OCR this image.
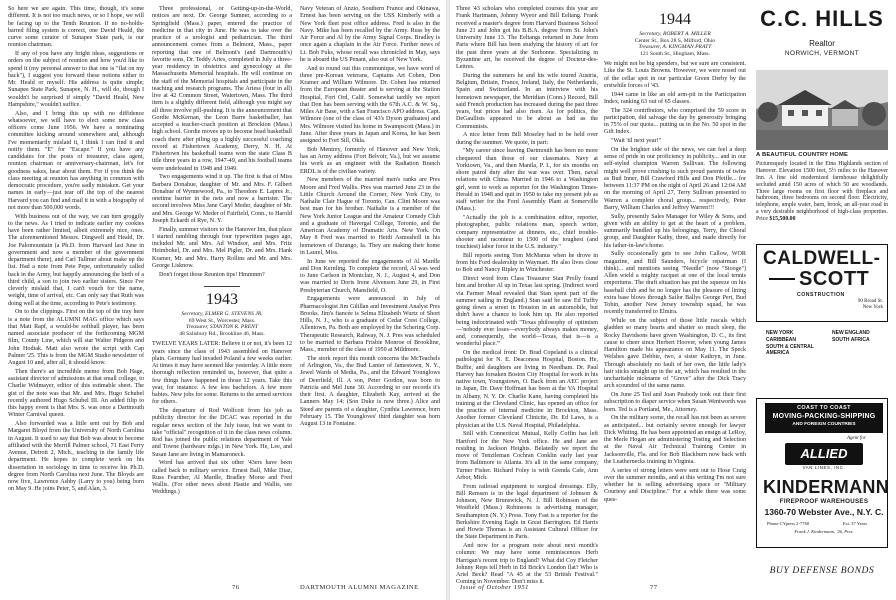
So here we are again. This time, though, it's some different. It is not too much news, or so I hope, we will be facing up to the Tenth Reunion. If no no-holds-barred filing system is correct, one David Heald, the curve some curator of Sunapee State park, is our reunion chairman.

If any of you have any bright ideas, suggestions or orders on the subject of reunion and how you'd like to spend it (my personal answer to that one is "flat on my back"), I suggest you forward these notions either to Mr. Heald or myself. His address is quite simple; Sunapee State Park, Sunapee, N. H., will do, though I wouldn't be surprised if simply "David Heald, New Hampshire," wouldn't suffice.

Also, and I bring this up with no diffidence whatsoever, we will have to elect some new class officers come June 1956. We have a nominating committee kicking around somewhere and, although I've momentarily mislaid it, I think I can find it and notify them. "E" for "Escape." If you have any candidates for the posts of treasurer, class agent, reunion chairman or anniversary-chairman, let's for goodness sakes, hear about them. For if you think the class meeting at reunion has anything in common with democratic procedure, you're sadly mistaken. Get your names in early—just tear off the top of the nearest Harvard you can find and mail it in with a biography of not more than 500,000 words.

With business out of the way, we can turn groggily to the news. As I tried to indicate earlier my cookies have been rather limited, albeit extremely nice, ones. The aforementioned Messrs. Dingwell and Heald, Dr. Joe Palomountain (a Ph.D. from Harvard last June in government and now a member of the government department there), and Carl Tallmer about make up the list. Had a note from Pete Pepe, unfortunately called back in the Army, but happily announcing the birth of a third child, a son to join two earlier sisters. Since I've cleverly mislaid that, I can't vouch for the name, weight, time of arrival, etc. Can only say that Ruth was doing well at the time, according to Pete's testimony.

On to the clippings. First on the top of the tray here is a note from the ALUMNI MAG office which says that Matt Rapf, a would-be softball player, has been named associate producer of the forthcoming MGM film, County Line, which will star Walter Pidgeon and John Hodiak. Matt also wrote the script with Cap Palmer '25. This is from the MGM Studio newsletter of August 10 and, after all, it should know.

Then there's an incredible memo from Bob Hage, assistant director of admissions at that small college, to Charlie Widmayer, editor of this estimable sheet. The gist of the note was that Mr. and Mrs. Hugo Schubel recently authored Hugo Schubel III. An added filip to this happy event is that Mrs. S. was once a Dartmouth Winter Carnival queen.

Also forwarded was a little sent out by Bob and Margaret Bloyd from the University of North Carolina in August. It used to say that Bob was about to become affiliated with the Merrill Palmer school, 71 East Ferry Avenue, Detroit 2, Mich., teaching in the family life department. He hopes to complete work on his dissertation in sociology in time to receive his Ph.D. degree from North Carolina next June. The Bloyds are now five, Lawrence Ashby (Larry to you) being born on May 9. He joins Peter, 5, and Alan, 3.

Three professional, or Getting-up-in-the-World, notices are next. Dr. George Sumner, according to a Springfield (Mass.) paper, entered the practice of medicine in that city in June. He was to take over the practice of a urologist and pediatrician. The third announcement comes from a Belmont, Mass., paper reporting that one of Belmont's (and Dartmouth's) favorite sons, Dr. Teddy Aries, completed in July a three-year residency in obstetrics and gynecology at the Massachusetts Memorial hospitals. He will continue on the staff of the Memorial hospitals and participate in the teaching and research programs. The Ariess (four in all) live at 42 Common Street, Watertown, Mass. The third item is a slightly different field, although you might say all three involve pill-pushing. It is the announcement that Gordie McKernan, the Leon Barre basketballer, has accepted a teacher-coach position at Brockton (Mass.) high school. Gordie moves up to become head basketball coach there after piling up a highly successful coaching record at Fishertown Academy, Derry, N. H. At Fishertown his basketball teams won the state Class B title three years in a row, 1947-49, and his football teams were undefeated in 1948 and 1949.

Two engagements wind it up. The first is that of Miss Barbara Donahue, daughter of Mr. and Mrs. F. Gilbert Donahue of Wynnewood, Pa., to Theodore E. Lapres Jr., onetime barrier in the nets and now a barrister. The second involves Miss Jane Caryl Meder, daughter of Mr. and Mrs. George W. Meder of Fairfield, Conn., to Harold Joseph Eckardt of Rye, N. Y.

Finally, summer visitors to the Hanover Inn, that place I started rambling through four typewritten pages ago, included Mr. and Mrs. Ad Windsor, and Mrs. Fritz Heimbokel, Dr. and Mrs. Mel Pigler, Dr. and Mrs. Hank Kramer, Mr. and Mrs. Harry Rollins and Mr. and Mrs. George Lisknow.

Don't forget those Reunion tips! Hmmmm?

1943
Secretary, ELMER G. STEVENS JR.
69 West St., Worcester, Mass.
Treasurer, STANTON R. PRENT
48 Salisbury Rd., Brookline 46, Mass.

TWELVE YEARS LATER: Believe it or not, it's been 12 years since the class of 1943 assembled on Hanover plain. Germany had invaded Poland a few weeks earlier. At times it may have seemed like yesterday. A little more thorough reflection reminded us, however, that quite a few things have happened in those 12 years. Take this year, for instance. A few less bachelors. A few more babies. New jobs for some. Returns to the armed services for others.

The departure of Rod Wolfcott from his job as publicity director for the DCAC was reported in the regular news section of the July issue, but we want to take "official" recognition of it in the class news column. Rod has joined the public relations department of Yale and Towne (hardware mfgs.) in New York. He, Lee, and Susan Jane are living in Mamaroneck.

Word has arrived that six other '43ers have been called back to military service. Ernest Ball, Mike Diaz, Russ Fearnher, Al Mardle, Bradley Morse and Fred Wallis. (For other news about Hastie and Wallis, see Weddings.)

Navy Veteran of Anzio, Southern France and Okinawa, Ernest has been serving on the USS Kimberly with a New York fleet post office address. Fred is also in the Navy. Mike has been recalled by the Army. Russ by the Air Force and Al by the Army Signal Corps. Bradley is once again a chaplain in the Air Force. Further news of Lt. Bob Fuks, whose recall was chronicled in May, says he is aboard the US Penant, also out of New York.

And to round out this communique, we have word of three pre-Korean veterans, Captains Art Cohen, Don Kramer and William Wilmore. Dr. Cohen has returned from the European theater and is serving at the Station Hospital, Fort Ord, Calif. Somewhat tardily we report that Don has been serving with the 67th A.C. & W. Sq., Miles Air Base, with a San Francisco APO address. Capt. Wilmore (one of the class of '43's Dyson graduates) and Mrs. Wilmore visited his home in Swampscott (Mass.) in June. After three years in Japan and Korea, he has been assigned to Fort Sill, Okla.

Bob Mentrey, formerly of Hanover and New York, has an Army address (Fort Belvoir, Va.), but we assume his work as an engineer with the Radiation Branch ERDL is of the civilian variety.

New members of the married men's ranks are Pres Moore and Fred Wallis. Pres was married June 23 in the Little Church Around the Corner, New York City, to Nathalie Clair Hague of Toronto, Can. Clint Moore was best man for his brother. Nathalie is a member of the New York Junior League and the Amateur Comedy Club and a graduate of Havergal College, Toronto, and the American Academy of Dramatic Arts. New York. On May 8 Fred was married to Heidi Asmusholl in his hometown of Durango, Ia. They are making their home in Laurel, Miss.

In June we reported the engagements of Al Mardle and Don Kernling. To complete the record, Al was wed to June Carlson in Montclair, N. J., August 4, and Don was married to Doris Irene Alvenson June 29, in First Presbyterian Church, Mansfield, O.

Engagements were announced in July of Pharmacologist Jim Gilillan and Investment Analyst Pres Brooks. Jim's fiancée is Selma Elizabeth Wurtz of Short Hills, N. J., who is a graduate of Cedar Crest College, Allentown, Pa. Both are employed by the Schering Corp. Therapeutic Research, Rahway, N. J. Pres was scheduled to be married to Barbara Frisbie Monroe of Brookline, Mass., member of the class of 1950 at Mildmore.

The stork report this month concerns the McTeachels of Arlington, Va., the Bud Lanier of Jamestown, N. Y., Jewel Wards of Media, Pa., and the Edward Younglows of Deerfield, Ill. A son, Peter Gordon, was born to Patricia and Mel June 30. According to our records it's their first. A daughter, Elizabeth Kay, arrived at the Lanners May 14; (Son Duke is now three.) Alice and Steed are parents of a daughter, Cynthia Lawrence, born February 15. The Youngloves' third daughter was born August 13 in Fontaine.

Three '43 scholars who completed courses this year are Frank Hartmann, Johnny Wyeor and Bill Eeltang. Frank received a master's degree from Harvard Business School June 21 and John got his B.B.A. degree from St. John's University June 13. The Eeltangs returned in June from Paris where Bill has been studying the history of art for the past three years at the Sorbonne. Specializing in Byzantine art, he received the degree of Docteur-des-Lettres.

During the summers he and his wife toured Austria, Belgium, Britain, France, Ireland, Italy, the Netherlands, Spain and Switzerland. In an interview with his hometown newspaper, the Meridian (Conn.) Record, Bill said French production has increased during the past three years, but prices had also risen. As for politics, the DeGaullists appeared to be about as bad as the Communists.

A nice letter from Bill Moseley had to be held over during the summer. We quote, in part:

"My career since leaving Dartmouth has been no more chequered than those of our classmates. Navy at Yorktown, Va., and then Manila, P. I., for six months on shore patrol duty after the war was over. Then, naval relations with China. Married in 1946 to a Washington girl, went to work as reporter for the Washington Times-Herald in 1948 and quit in 1950 to take my present job as staff writer for the Ford Assembly Plant at Somerville (Mass.).

"Actually the job is a combination editor, reporter, photographer, public relations man, speech writer, company representative at dinners, etc., chief trouble-shooter and raconteur to 1500 of the toughest (and touchiest) labor force in the U.S. industry."

Bill reports seeing Tom McManus when he drove in from his Ford dealership in Waymart. He also lives close to Bob and Nancy Ripley in Winchester.

Direct word from Class Treasurer Stan Prolly found him and brother Al up in Texas last spring. (Indirect word via Farmer Mead revealed that Stan spent part of the summer sailing in England.) Stan said he saw Ed Tuffty going down a street in Houston in an automobile, but didn't have a chance to look him up. He also reported being indoctrinated with "Texas philosophy of optimism—'nobody ever loses—everybody always makes money, and, consequently, the world—Texas, that is—is a wonderful place.'"

On the medical front: Dr. Brad Copeland is a clinical pathologist for N. E. Deaconess Hospital, Boston. He, Buffie, and daughters are living in Needham. Dr. Paul Harvey has forsaken Boston City Hospital for work in his native town, Youngstown, O. Back from an AEC project in Japan, Dr. Dave Hoffman has been at the VA Hospital in Albany, N. Y. Dr. Charlie Kane, having completed his training at the Cleveland Clinic, has opened an office for the practice of internal medicine in Brockton, Mass. Another former Cleveland Clinicite, Dr. Ed Laws, is a physician at the U.S. Naval Hospital, Philadelphia.

Still with Connecticut Mutual, Kelly Coffin has left Hartford for the New York office. He and Jane are residing in Jackson Heights. Belatedly we report the move of Tenzileman Cochran Conklin early last year from Baltimore to Atlanta. It's all in the same company, Turner Fisher. Richard Foley is with Grenda Cafe, Ann Arbor, Mich.

From railroad equipment to surgical dressings. Elly, Bill Remsen is in the legal department of Johnson & Johnson, New Brunswick, N. J. Bill Robinson of the Westfield (Mass.) Robinsons is advertising manager, Southampton (N. Y.) Press. Tony Fast is a reporter for the Berkshire Evening Eagle in Great Barrington. Ed Harris and Howie Thomas is an Assistant Cultural Officer for the State Department in Paris.

And now for a program note about next month's column: We may have some reminiscences Herb Harrigan's recent trip to England? What did Coy Fletcher Johnny Reps tell Herb in Ed Brick's London flat? Who is Ariel Beck? Read "A 45 at the 53 British Festival." Coming in November. Don't miss it.

1944
Secretary, ROBERT A. MILLER
Center St., Box 28 S, Milford, Ohio
Treasurer, A. KINGMAN PRATT
121 South St., Hingham, Mass.

We might not be big spenders, but we sure are consistent. Like the St. Louis Browns. However, we were nosed out of the cellar spot in our particular Green Derby by the erstwhile forces of '43.

1944 came in like an old arm-pit in the Participation Index, ranking 63 out of 65 classes.

The 324 contributors, who comprised the 59 score in participation, did salvage the day by generosity bringing in 75% of our quota... putting us in the No. 50 spot in the Gift Index.

"Wait 'til next year!"

On the brighter side of the news, we can feel a deep sense of pride in our proficiency in publicity... and in our self-styled champion Warren Sullivan. The following might well prove crushing to such proud parents of twins as Bud Inner, Bill Crawford Hills and Don Pfeifle... for between 11:37 PM on the night of April 26 and 12:04 AM on the morning of April 27, Terry Sullivan presented to Warren a complete choral group... respectively, Peter Barry, William Charles and Jeffrey Warren!!!

Sully, presently Sales Manager for Wiley & Sons, and given with an ability to get at the heart of a problem, summarily bundled up his belongings, Terry, the Choral group, and Daughter Kathy, three, and made directly for his father-in-law's home.

Sully occasionally gets to see John Callow, WOR magazine, and Bill Saunders, bicycle repairman (I think)... and mentions seeing "Needle" (now "Stooge") Allen wield a mighty racquet at one of the local tennis emporiums. The draft situation has put the squeeze on his baseball club and he no longer has the pleasure of lining extra base blows through Sailor Ballys George Pert, Bud Tobin, another New Jersey township squad, he was recently transferred to Elmira.

While on the subject of those little rascals which gladden so many hearts and shatter so much sleep, the Rocky Davidsons have given Washington, D. C., its first cause to cheer since Herbert Hoover, when young James Hamilton made his appearance on May 11. The Speck Welshes gave Debbie, two, a sister Kathryn, in June. Through absolutely no fault of her own, the little lady's hair sticks straight up in the air, which has resulted in the uncharitable nickname of "Greve" after the Dick Tracy arch scoundrel of the same name.

On June 25 Ted and Joan Peabody took out their first subscription to diaper service when Susan Wentworth was born. Ted is a Portland, Me., Attorney.

On the military scene, the recall has not been as severe as anticipated... but certainly severe enough for lawyer Dick Whiting. He has been appointed an ensign at LeRoy, the Merle Hogan are administering Testing and Selection at the Naval Air Technical Training Center in Jacksonville, Fla. and for Bob Blackburn now back with the Leathernecks training in Virginia.

A series of strong letters were sent out to Hose Craig over the summer months, and at this writing I'm not sure whether he is selling advertising space or "Military Courtesy and Discipline." For a while there was some ques-

76	DARTMOUTH ALUMNI MAGAZINE	Issue of October 1951	77
C.C. HILLS
Realtor
NORWICH, VERMONT
A BEAUTIFUL COUNTRY HOME
Picturesquely located in the Etna Highlands section of Hanover. Elevation 1500 feet, 5½ miles to the Hanover Inn. A fine old modernized farmhouse delightfully secluded amid 150 acres of which 50 are woodlands. Three large rooms on first floor with fireplace and bathroom, three bedrooms on second floor. Electricity, telephone, ample water, barn, brook, an all-year road in a very desirable neighborhood of high-class properties. Price $15,500.00
CALDWELL-
SCOTT
CONSTRUCTION
90 Broad St.
New York
NEW YORK
CARIBBEAN
SOUTH & CENTRAL AMERICA
NEW ENGLAND
SOUTH AFRICA
COAST TO COAST
MOVING-PACKING-SHIPPING
AND FOREIGN COUNTRIES
Agent for
ALLIED
VAN LINES, INC.
KINDERMANN
FIREPROOF WAREHOUSES
1360-70 Webster Ave., N.Y. C.
Phone CYpress 2-7760	Est. 37 Years
Frank J. Kindermann, '26, Pres.
BUY DEFENSE BONDS
